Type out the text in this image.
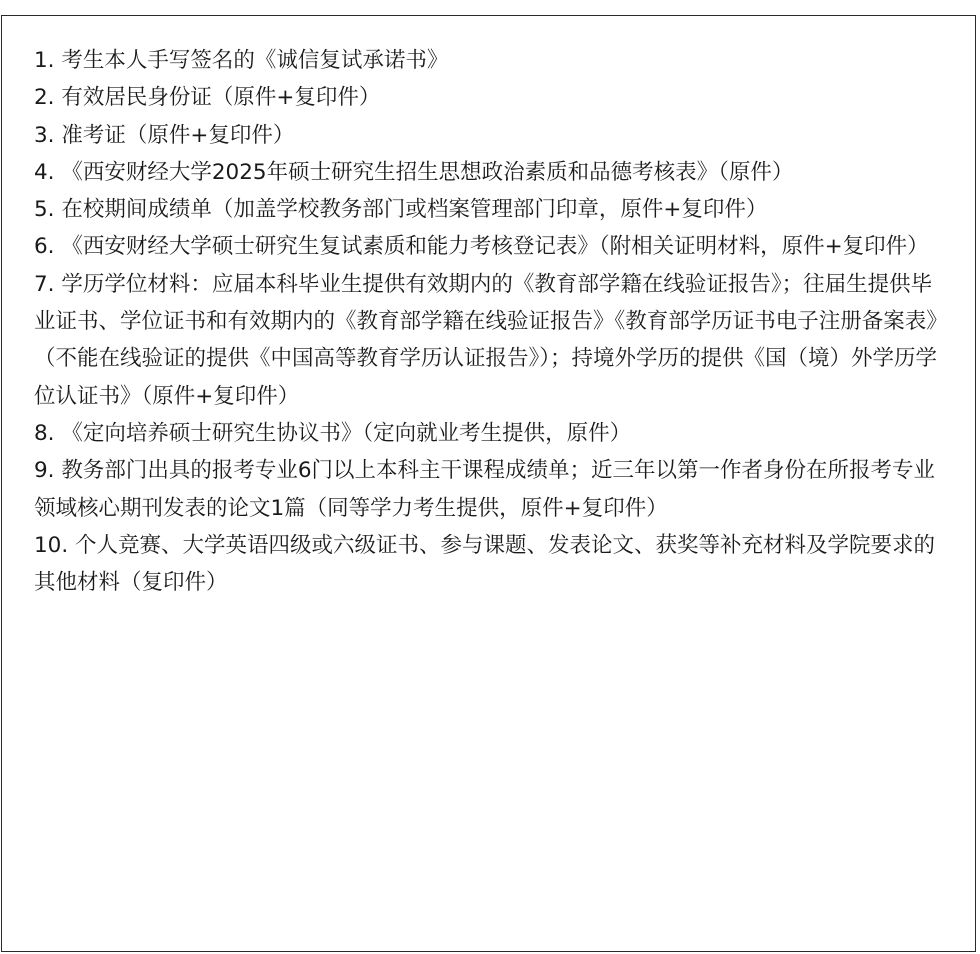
1. 考生本人手写签名的《诚信复试承诺书》
2. 有效居民身份证（原件+复印件）
3. 准考证（原件+复印件）
4. 《西安财经大学2025年硕士研究生招生思想政治素质和品德考核表》（原件）
5. 在校期间成绩单（加盖学校教务部门或档案管理部门印章，原件+复印件）
6. 《西安财经大学硕士研究生复试素质和能力考核登记表》（附相关证明材料，原件+复印件）
7. 学历学位材料：应届本科毕业生提供有效期内的《教育部学籍在线验证报告》；往届生提供毕业证书、学位证书和有效期内的《教育部学籍在线验证报告》《教育部学历证书电子注册备案表》（不能在线验证的提供《中国高等教育学历认证报告》）；持境外学历的提供《国（境）外学历学位认证书》（原件+复印件）
8. 《定向培养硕士研究生协议书》（定向就业考生提供，原件）
9. 教务部门出具的报考专业6门以上本科主干课程成绩单；近三年以第一作者身份在所报考专业领域核心期刊发表的论文1篇（同等学力考生提供，原件+复印件）
10. 个人竞赛、大学英语四级或六级证书、参与课题、发表论文、获奖等补充材料及学院要求的其他材料（复印件）
